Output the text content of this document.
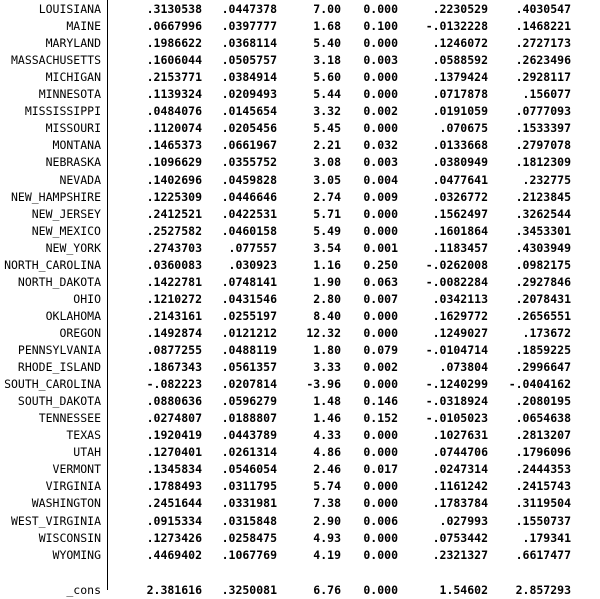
LOUISIANA	.3130538	.0447378	7.00	0.000	.2230529	.4030547
MAINE	.0667996	.0397777	1.68	0.100	-.0132228	.1468221
MARYLAND	.1986622	.0368114	5.40	0.000	.1246072	.2727173
MASSACHUSETTS	.1606044	.0505757	3.18	0.003	.0588592	.2623496
MICHIGAN	.2153771	.0384914	5.60	0.000	.1379424	.2928117
MINNESOTA	.1139324	.0209493	5.44	0.000	.0717878	.156077
MISSISSIPPI	.0484076	.0145654	3.32	0.002	.0191059	.0777093
MISSOURI	.1120074	.0205456	5.45	0.000	.070675	.1533397
MONTANA	.1465373	.0661967	2.21	0.032	.0133668	.2797078
NEBRASKA	.1096629	.0355752	3.08	0.003	.0380949	.1812309
NEVADA	.1402696	.0459828	3.05	0.004	.0477641	.232775
NEW_HAMPSHIRE	.1225309	.0446646	2.74	0.009	.0326772	.2123845
NEW_JERSEY	.2412521	.0422531	5.71	0.000	.1562497	.3262544
NEW_MEXICO	.2527582	.0460158	5.49	0.000	.1601864	.3453301
NEW_YORK	.2743703	.077557	3.54	0.001	.1183457	.4303949
NORTH_CAROLINA	.0360083	.030923	1.16	0.250	-.0262008	.0982175
NORTH_DAKOTA	.1422781	.0748141	1.90	0.063	-.0082284	.2927846
OHIO	.1210272	.0431546	2.80	0.007	.0342113	.2078431
OKLAHOMA	.2143161	.0255197	8.40	0.000	.1629772	.2656551
OREGON	.1492874	.0121212	12.32	0.000	.1249027	.173672
PENNSYLVANIA	.0877255	.0488119	1.80	0.079	-.0104714	.1859225
RHODE_ISLAND	.1867343	.0561357	3.33	0.002	.073804	.2996647
SOUTH_CAROLINA	-.082223	.0207814	-3.96	0.000	-.1240299	-.0404162
SOUTH_DAKOTA	.0880636	.0596279	1.48	0.146	-.0318924	.2080195
TENNESSEE	.0274807	.0188807	1.46	0.152	-.0105023	.0654638
TEXAS	.1920419	.0443789	4.33	0.000	.1027631	.2813207
UTAH	.1270401	.0261314	4.86	0.000	.0744706	.1796096
VERMONT	.1345834	.0546054	2.46	0.017	.0247314	.2444353
VIRGINIA	.1788493	.0311795	5.74	0.000	.1161242	.2415743
WASHINGTON	.2451644	.0331981	7.38	0.000	.1783784	.3119504
WEST_VIRGINIA	.0915334	.0315848	2.90	0.006	.027993	.1550737
WISCONSIN	.1273426	.0258475	4.93	0.000	.0753442	.179341
WYOMING	.4469402	.1067769	4.19	0.000	.2321327	.6617477
_cons	2.381616	.3250081	6.76	0.000	1.54602	2.857293
